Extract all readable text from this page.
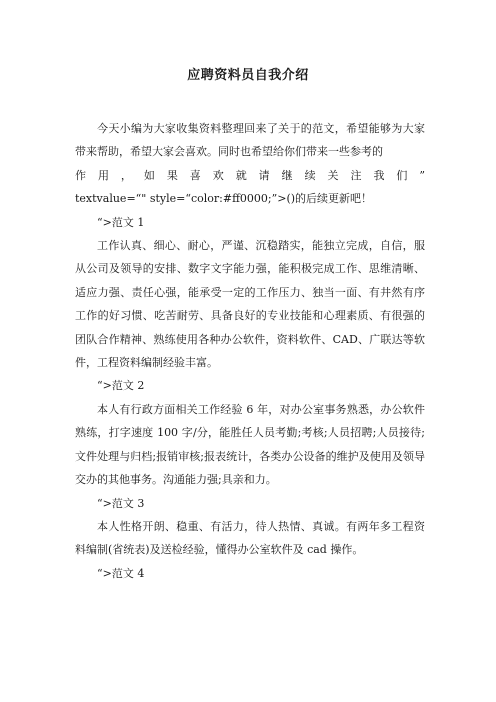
应聘资料员自我介绍

今天小编为大家收集资料整理回来了关于的范文，希望能够为大家带来帮助，希望大家会喜欢。同时也希望给你们带来一些参考的

作 用 ， 如 果 喜 欢 就 请 继 续 关 注 我 们 ”

textvalue=“" style=“color:#ff0000;”>()的后续更新吧！

“>范文 1

工作认真、细心、耐心，严谨、沉稳踏实，能独立完成，自信，服从公司及领导的安排、数字文字能力强，能积极完成工作、思维清晰、适应力强、责任心强，能承受一定的工作压力、独当一面、有井然有序工作的好习惯、吃苦耐劳、具备良好的专业技能和心理素质、有很强的团队合作精神、熟练使用各种办公软件，资料软件、CAD、广联达等软件，工程资料编制经验丰富。

“>范文 2

本人有行政方面相关工作经验 6 年，对办公室事务熟悉，办公软件熟练，打字速度 100 字/分，能胜任人员考勤;考核;人员招聘;人员接待;文件处理与归档;报销审核;报表统计，各类办公设备的维护及使用及领导交办的其他事务。沟通能力强;具亲和力。

“>范文 3

本人性格开朗、稳重、有活力，待人热情、真诚。有两年多工程资料编制(省统表)及送检经验，懂得办公室软件及 cad 操作。

“>范文 4
